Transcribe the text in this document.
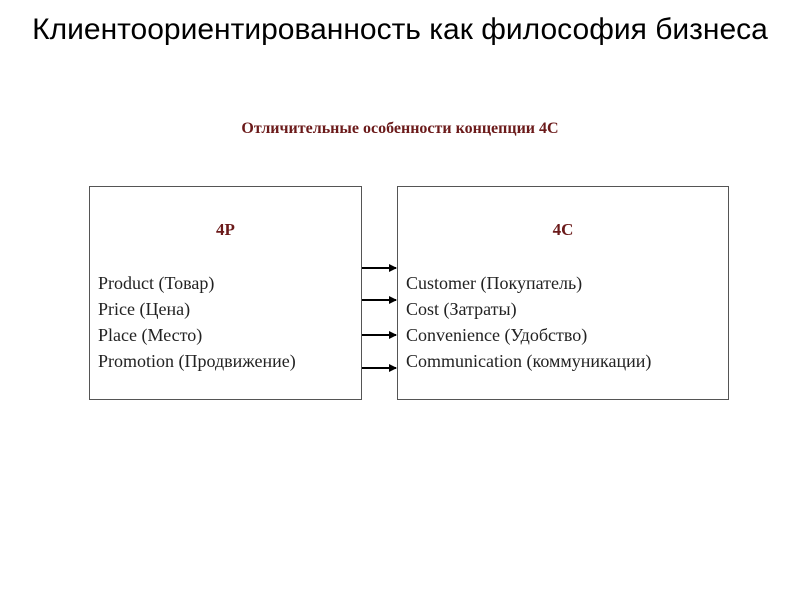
Клиентоориентированность как философия бизнеса
Отличительные особенности концепции 4С
4Р
Product (Товар)
Price (Цена)
Place (Место)
Promotion (Продвижение)
4С
Customer (Покупатель)
Cost (Затраты)
Convenience (Удобство)
Communication (коммуникации)
